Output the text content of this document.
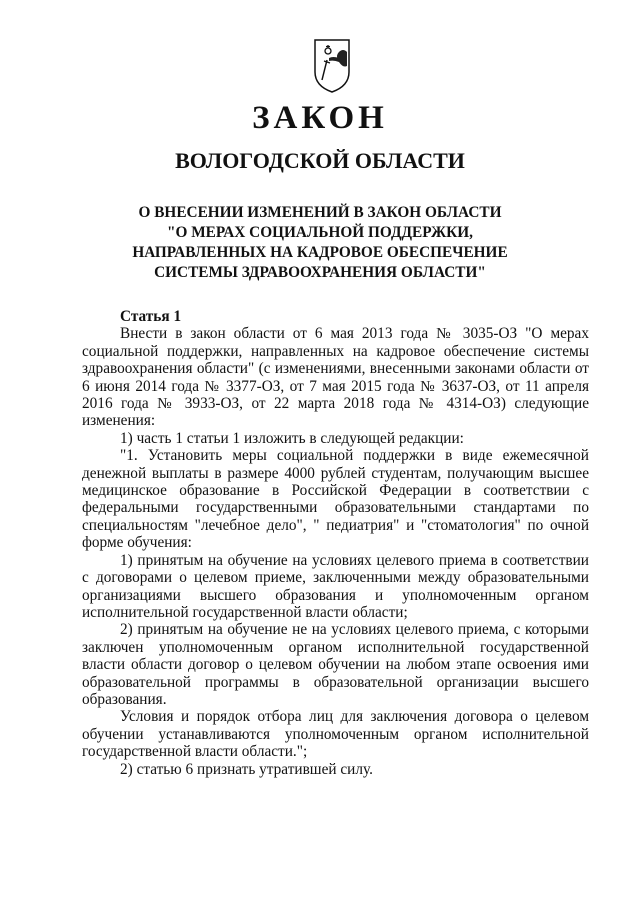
ЗАКОН
ВОЛОГОДСКОЙ ОБЛАСТИ
О ВНЕСЕНИИ ИЗМЕНЕНИЙ В ЗАКОН ОБЛАСТИ
"О МЕРАХ СОЦИАЛЬНОЙ ПОДДЕРЖКИ,
НАПРАВЛЕННЫХ НА КАДРОВОЕ ОБЕСПЕЧЕНИЕ
СИСТЕМЫ ЗДРАВООХРАНЕНИЯ ОБЛАСТИ"
Статья 1

Внести в закон области от 6 мая 2013 года № 3035-ОЗ "О мерах социальной поддержки, направленных на кадровое обеспечение системы здравоохранения области" (с изменениями, внесенными законами области от 6 июня 2014 года № 3377-ОЗ, от 7 мая 2015 года № 3637-ОЗ, от 11 апреля 2016 года № 3933-ОЗ, от 22 марта 2018 года № 4314-ОЗ) следующие изменения:

1) часть 1 статьи 1 изложить в следующей редакции:

"1. Установить меры социальной поддержки в виде ежемесячной денежной выплаты в размере 4000 рублей студентам, получающим высшее медицинское образование в Российской Федерации в соответствии с федеральными государственными образовательными стандартами по специальностям "лечебное дело", " педиатрия" и "стоматология" по очной форме обучения:

1) принятым на обучение на условиях целевого приема в соответствии с договорами о целевом приеме, заключенными между образовательными организациями высшего образования и уполномоченным органом исполнительной государственной власти области;

2) принятым на обучение не на условиях целевого приема, с которыми заключен уполномоченным органом исполнительной государственной власти области договор о целевом обучении на любом этапе освоения ими образовательной программы в образовательной организации высшего образования.

Условия и порядок отбора лиц для заключения договора о целевом обучении устанавливаются уполномоченным органом исполнительной государственной власти области.";

2) статью 6 признать утратившей силу.
